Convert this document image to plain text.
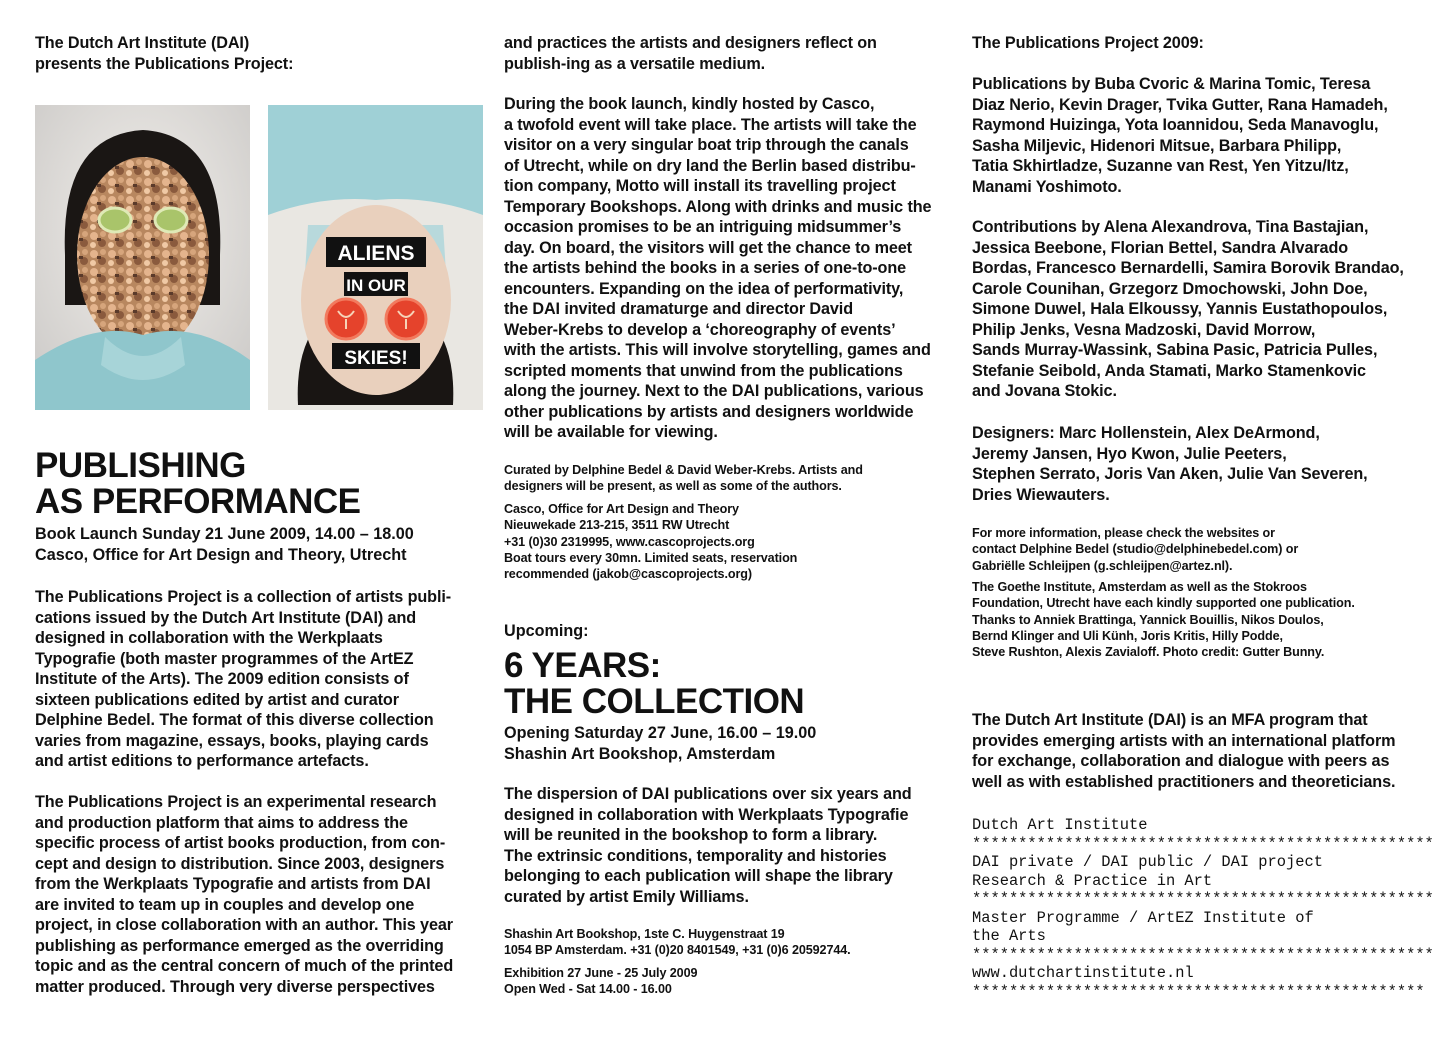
The Dutch Art Institute (DAI)
presents the Publications Project:

PUBLISHING
AS PERFORMANCE

Book Launch Sunday 21 June 2009, 14.00 – 18.00
Casco, Office for Art Design and Theory, Utrecht

The Publications Project is a collection of artists publi-
cations issued by the Dutch Art Institute (DAI) and
designed in collaboration with the Werkplaats
Typografie (both master programmes of the ArtEZ
Institute of the Arts). The 2009 edition consists of
sixteen publications edited by artist and curator
Delphine Bedel. The format of this diverse collection
varies from magazine, essays, books, playing cards
and artist editions to performance artefacts.

The Publications Project is an experimental research
and production platform that aims to address the
specific process of artist books production, from con-
cept and design to distribution. Since 2003, designers
from the Werkplaats Typografie and artists from DAI
are invited to team up in couples and develop one
project, in close collaboration with an author. This year
publishing as performance emerged as the overriding
topic and as the central concern of much of the printed
matter produced. Through very diverse perspectives

ALIENS
IN OUR
SKIES!

and practices the artists and designers reflect on
publish-ing as a versatile medium.

During the book launch, kindly hosted by Casco,
a twofold event will take place. The artists will take the
visitor on a very singular boat trip through the canals
of Utrecht, while on dry land the Berlin based distribu-
tion company, Motto will install its travelling project
Temporary Bookshops. Along with drinks and music the
occasion promises to be an intriguing midsummer’s
day. On board, the visitors will get the chance to meet
the artists behind the books in a series of one-to-one
encounters. Expanding on the idea of performativity,
the DAI invited dramaturge and director David
Weber-Krebs to develop a ‘choreography of events’
with the artists. This will involve storytelling, games and
scripted moments that unwind from the publications
along the journey. Next to the DAI publications, various
other publications by artists and designers worldwide
will be available for viewing.

Curated by Delphine Bedel & David Weber-Krebs. Artists and
designers will be present, as well as some of the authors.

Casco, Office for Art Design and Theory
Nieuwekade 213-215, 3511 RW Utrecht
+31 (0)30 2319995, www.cascoprojects.org
Boat tours every 30mn. Limited seats, reservation
recommended (jakob@cascoprojects.org)

Upcoming:

6 YEARS:
THE COLLECTION

Opening Saturday 27 June, 16.00 – 19.00
Shashin Art Bookshop, Amsterdam

The dispersion of DAI publications over six years and
designed in collaboration with Werkplaats Typografie
will be reunited in the bookshop to form a library.
The extrinsic conditions, temporality and histories
belonging to each publication will shape the library
curated by artist Emily Williams.

Shashin Art Bookshop, 1ste C. Huygenstraat 19
1054 BP Amsterdam. +31 (0)20 8401549, +31 (0)6 20592744.

Exhibition 27 June - 25 July 2009
Open Wed - Sat 14.00 - 16.00

The Publications Project 2009:

Publications by Buba Cvoric & Marina Tomic, Teresa
Diaz Nerio, Kevin Drager, Tvika Gutter, Rana Hamadeh,
Raymond Huizinga, Yota Ioannidou, Seda Manavoglu,
Sasha Miljevic, Hidenori Mitsue, Barbara Philipp,
Tatia Skhirtladze, Suzanne van Rest, Yen Yitzu/Itz,
Manami Yoshimoto.

Contributions by Alena Alexandrova, Tina Bastajian,
Jessica Beebone, Florian Bettel, Sandra Alvarado
Bordas, Francesco Bernardelli, Samira Borovik Brandao,
Carole Counihan, Grzegorz Dmochowski, John Doe,
Simone Duwel, Hala Elkoussy, Yannis Eustathopoulos,
Philip Jenks, Vesna Madzoski, David Morrow,
Sands Murray-Wassink, Sabina Pasic, Patricia Pulles,
Stefanie Seibold, Anda Stamati, Marko Stamenkovic
and Jovana Stokic.

Designers: Marc Hollenstein, Alex DeArmond,
Jeremy Jansen, Hyo Kwon, Julie Peeters,
Stephen Serrato, Joris Van Aken, Julie Van Severen,
Dries Wiewauters.

For more information, please check the websites or
contact Delphine Bedel (studio@delphinebedel.com) or
Gabriëlle Schleijpen (g.schleijpen@artez.nl).

The Goethe Institute, Amsterdam as well as the Stokroos
Foundation, Utrecht have each kindly supported one publication.
Thanks to Anniek Brattinga, Yannick Bouillis, Nikos Doulos,
Bernd Klinger and Uli Künh, Joris Kritis, Hilly Podde,
Steve Rushton, Alexis Zavialoff. Photo credit: Gutter Bunny.

The Dutch Art Institute (DAI) is an MFA program that
provides emerging artists with an international platform
for exchange, collaboration and dialogue with peers as
well as with established practitioners and theoreticians.

Dutch Art Institute
**************************************************
DAI private / DAI public / DAI project
Research & Practice in Art
**************************************************
Master Programme / ArtEZ Institute of
the Arts
**************************************************
www.dutchartinstitute.nl
*************************************************
